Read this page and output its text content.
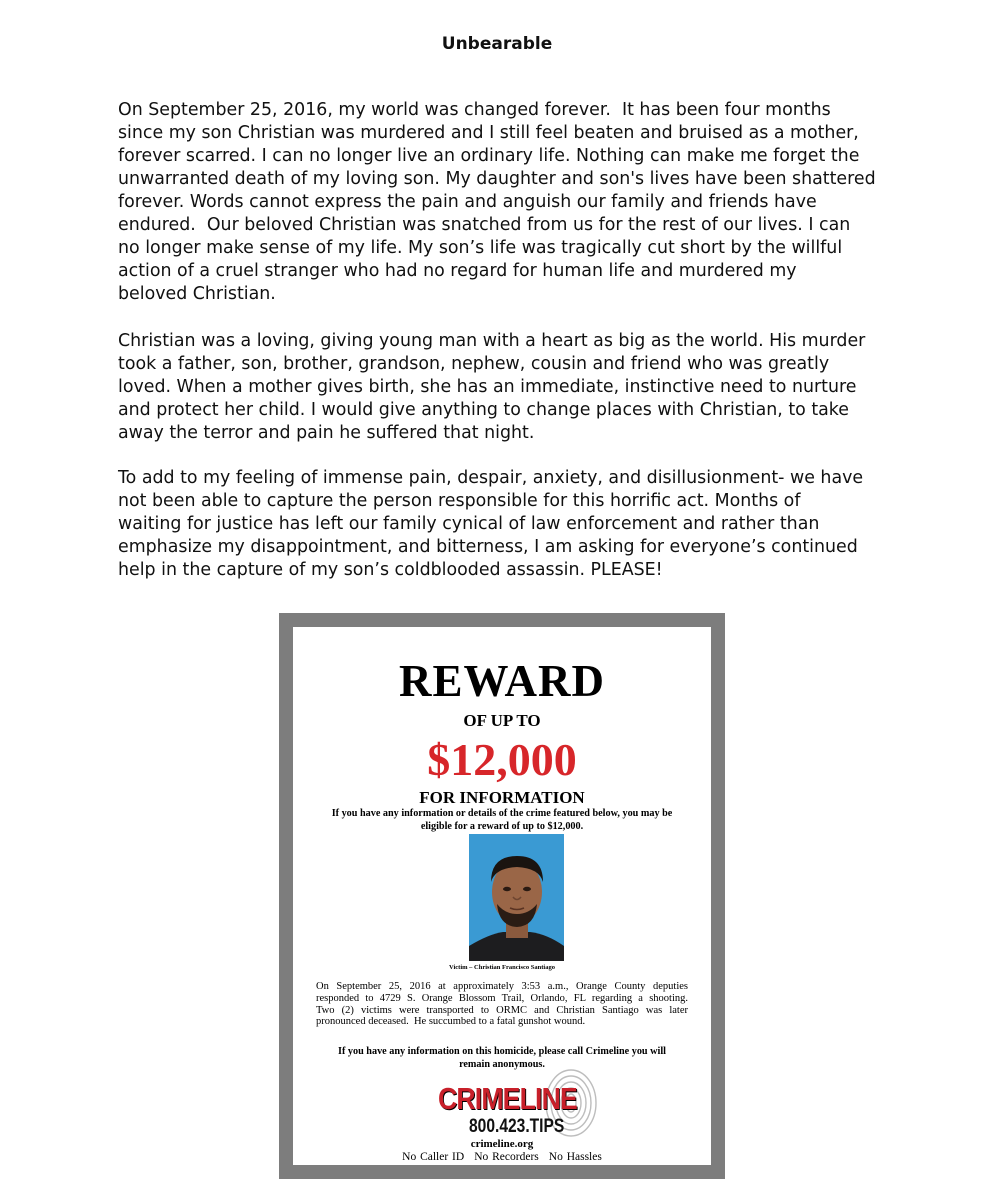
Unbearable
On September 25, 2016, my world was changed forever.  It has been four months
since my son Christian was murdered and I still feel beaten and bruised as a mother,
forever scarred. I can no longer live an ordinary life. Nothing can make me forget the
unwarranted death of my loving son. My daughter and son's lives have been shattered
forever. Words cannot express the pain and anguish our family and friends have
endured.  Our beloved Christian was snatched from us for the rest of our lives. I can
no longer make sense of my life. My son’s life was tragically cut short by the willful
action of a cruel stranger who had no regard for human life and murdered my
beloved Christian.
Christian was a loving, giving young man with a heart as big as the world. His murder
took a father, son, brother, grandson, nephew, cousin and friend who was greatly
loved. When a mother gives birth, she has an immediate, instinctive need to nurture
and protect her child. I would give anything to change places with Christian, to take
away the terror and pain he suffered that night.
To add to my feeling of immense pain, despair, anxiety, and disillusionment- we have
not been able to capture the person responsible for this horrific act. Months of
waiting for justice has left our family cynical of law enforcement and rather than
emphasize my disappointment, and bitterness, I am asking for everyone’s continued
help in the capture of my son’s coldblooded assassin. PLEASE!
REWARD
OF UP TO
$12,000
FOR INFORMATION
If you have any information or details of the crime featured below, you may be
eligible for a reward of up to $12,000.
Victim – Christian Francisco Santiago
On September 25, 2016 at approximately 3:53 a.m., Orange County deputies
responded to 4729 S. Orange Blossom Trail, Orlando, FL regarding a shooting.
Two (2) victims were transported to ORMC and Christian Santiago was later
pronounced deceased.  He succumbed to a fatal gunshot wound.
If you have any information on this homicide, please call Crimeline you will
remain anonymous.
CRIMELINE
800.423.TIPS
crimeline.org
No Caller ID No Recorders No Hassles
